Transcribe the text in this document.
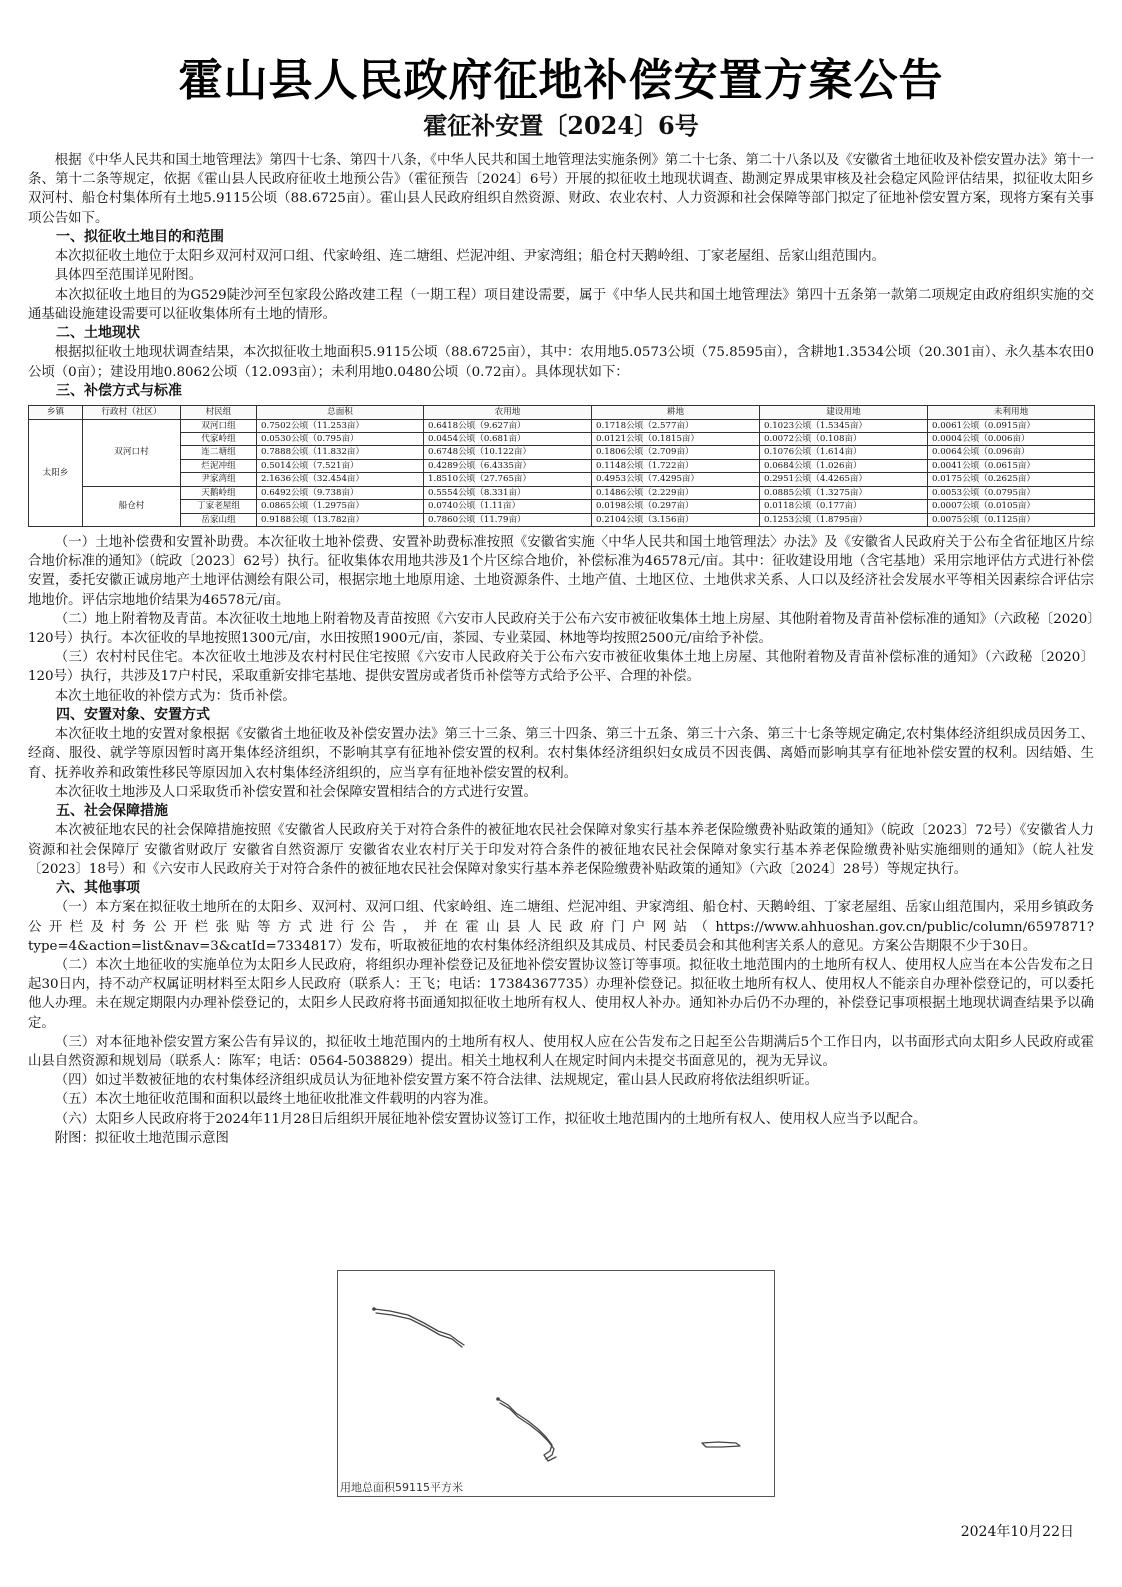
霍山县人民政府征地补偿安置方案公告
霍征补安置〔2024〕6号

根据《中华人民共和国土地管理法》第四十七条、第四十八条，《中华人民共和国土地管理法实施条例》第二十七条、第二十八条以及《安徽省土地征收及补偿安置办法》第十一条、第十二条等规定，依据《霍山县人民政府征收土地预公告》（霍征预告〔2024〕6号）开展的拟征收土地现状调查、勘测定界成果审核及社会稳定风险评估结果，拟征收太阳乡双河村、船仓村集体所有土地5.9115公顷（88.6725亩）。霍山县人民政府组织自然资源、财政、农业农村、人力资源和社会保障等部门拟定了征地补偿安置方案，现将方案有关事项公告如下。

一、拟征收土地目的和范围

本次拟征收土地位于太阳乡双河村双河口组、代家岭组、连二塘组、烂泥冲组、尹家湾组；船仓村天鹅岭组、丁家老屋组、岳家山组范围内。

具体四至范围详见附图。

本次拟征收土地目的为G529陡沙河至包家段公路改建工程（一期工程）项目建设需要，属于《中华人民共和国土地管理法》第四十五条第一款第二项规定由政府组织实施的交通基础设施建设需要可以征收集体所有土地的情形。

二、土地现状

根据拟征收土地现状调查结果，本次拟征收土地面积5.9115公顷（88.6725亩），其中：农用地5.0573公顷（75.8595亩），含耕地1.3534公顷（20.301亩）、永久基本农田0公顷（0亩）；建设用地0.8062公顷（12.093亩）；未利用地0.0480公顷（0.72亩）。具体现状如下：

三、补偿方式与标准
乡镇	行政村（社区）	村民组	总面积	农用地	耕地	建设用地	未利用地
太阳乡	双河口村	双河口组	0.7502公顷（11.253亩）	0.6418公顷（9.627亩）	0.1718公顷（2.577亩）	0.1023公顷（1.5345亩）	0.0061公顷（0.0915亩）
		代家岭组	0.0530公顷（0.795亩）	0.0454公顷（0.681亩）	0.0121公顷（0.1815亩）	0.0072公顷（0.108亩）	0.0004公顷（0.006亩）
		连二塘组	0.7888公顷（11.832亩）	0.6748公顷（10.122亩）	0.1806公顷（2.709亩）	0.1076公顷（1.614亩）	0.0064公顷（0.096亩）
		烂泥冲组	0.5014公顷（7.521亩）	0.4289公顷（6.4335亩）	0.1148公顷（1.722亩）	0.0684公顷（1.026亩）	0.0041公顷（0.0615亩）
		尹家湾组	2.1636公顷（32.454亩）	1.8510公顷（27.765亩）	0.4953公顷（7.4295亩）	0.2951公顷（4.4265亩）	0.0175公顷（0.2625亩）
	船仓村	天鹅岭组	0.6492公顷（9.738亩）	0.5554公顷（8.331亩）	0.1486公顷（2.229亩）	0.0885公顷（1.3275亩）	0.0053公顷（0.0795亩）
		丁家老屋组	0.0865公顷（1.2975亩）	0.0740公顷（1.11亩）	0.0198公顷（0.297亩）	0.0118公顷（0.177亩）	0.0007公顷（0.0105亩）
		岳家山组	0.9188公顷（13.782亩）	0.7860公顷（11.79亩）	0.2104公顷（3.156亩）	0.1253公顷（1.8795亩）	0.0075公顷（0.1125亩）

（一）土地补偿费和安置补助费。本次征收土地补偿费、安置补助费标准按照《安徽省实施〈中华人民共和国土地管理法〉办法》及《安徽省人民政府关于公布全省征地区片综合地价标准的通知》（皖政〔2023〕62号）执行。征收集体农用地共涉及1个片区综合地价，补偿标准为46578元/亩。其中：征收建设用地（含宅基地）采用宗地评估方式进行补偿安置，委托安徽正诚房地产土地评估测绘有限公司，根据宗地土地原用途、土地资源条件、土地产值、土地区位、土地供求关系、人口以及经济社会发展水平等相关因素综合评估宗地地价。评估宗地地价结果为46578元/亩。

（二）地上附着物及青苗。本次征收土地地上附着物及青苗按照《六安市人民政府关于公布六安市被征收集体土地上房屋、其他附着物及青苗补偿标准的通知》（六政秘〔2020〕120号）执行。本次征收的旱地按照1300元/亩，水田按照1900元/亩，茶园、专业菜园、林地等均按照2500元/亩给予补偿。

（三）农村村民住宅。本次征收土地涉及农村村民住宅按照《六安市人民政府关于公布六安市被征收集体土地上房屋、其他附着物及青苗补偿标准的通知》（六政秘〔2020〕120号）执行，共涉及17户村民，采取重新安排宅基地、提供安置房或者货币补偿等方式给予公平、合理的补偿。

本次土地征收的补偿方式为：货币补偿。

四、安置对象、安置方式

本次征收土地的安置对象根据《安徽省土地征收及补偿安置办法》第三十三条、第三十四条、第三十五条、第三十六条、第三十七条等规定确定,农村集体经济组织成员因务工、经商、服役、就学等原因暂时离开集体经济组织，不影响其享有征地补偿安置的权利。农村集体经济组织妇女成员不因丧偶、离婚而影响其享有征地补偿安置的权利。因结婚、生育、抚养收养和政策性移民等原因加入农村集体经济组织的，应当享有征地补偿安置的权利。

本次征收土地涉及人口采取货币补偿安置和社会保障安置相结合的方式进行安置。

五、社会保障措施

本次被征地农民的社会保障措施按照《安徽省人民政府关于对符合条件的被征地农民社会保障对象实行基本养老保险缴费补贴政策的通知》（皖政〔2023〕72号）《安徽省人力资源和社会保障厅 安徽省财政厅 安徽省自然资源厅 安徽省农业农村厅关于印发对符合条件的被征地农民社会保障对象实行基本养老保险缴费补贴实施细则的通知》（皖人社发〔2023〕18号）和《六安市人民政府关于对符合条件的被征地农民社会保障对象实行基本养老保险缴费补贴政策的通知》（六政〔2024〕28号）等规定执行。

六、其他事项

（一）本方案在拟征收土地所在的太阳乡、双河村、双河口组、代家岭组、连二塘组、烂泥冲组、尹家湾组、船仓村、天鹅岭组、丁家老屋组、岳家山组范围内，采用乡镇政务公开栏及村务公开栏张贴等方式进行公告，并在霍山县人民政府门户网站（https://www.ahhuoshan.gov.cn/public/column/6597871?type=4&action=list&nav=3&catId=7334817）发布，听取被征地的农村集体经济组织及其成员、村民委员会和其他利害关系人的意见。方案公告期限不少于30日。

（二）本次土地征收的实施单位为太阳乡人民政府，将组织办理补偿登记及征地补偿安置协议签订等事项。拟征收土地范围内的土地所有权人、使用权人应当在本公告发布之日起30日内，持不动产权属证明材料至太阳乡人民政府（联系人：王飞；电话：17384367735）办理补偿登记。拟征收土地所有权人、使用权人不能亲自办理补偿登记的，可以委托他人办理。未在规定期限内办理补偿登记的，太阳乡人民政府将书面通知拟征收土地所有权人、使用权人补办。通知补办后仍不办理的，补偿登记事项根据土地现状调查结果予以确定。

（三）对本征地补偿安置方案公告有异议的，拟征收土地范围内的土地所有权人、使用权人应在公告发布之日起至公告期满后5个工作日内，以书面形式向太阳乡人民政府或霍山县自然资源和规划局（联系人：陈军；电话：0564-5038829）提出。相关土地权利人在规定时间内未提交书面意见的，视为无异议。

（四）如过半数被征地的农村集体经济组织成员认为征地补偿安置方案不符合法律、法规规定，霍山县人民政府将依法组织听证。

（五）本次土地征收范围和面积以最终土地征收批准文件载明的内容为准。

（六）太阳乡人民政府将于2024年11月28日后组织开展征地补偿安置协议签订工作，拟征收土地范围内的土地所有权人、使用权人应当予以配合。

附图：拟征收土地范围示意图

用地总面积59115平方米
2024年10月22日
